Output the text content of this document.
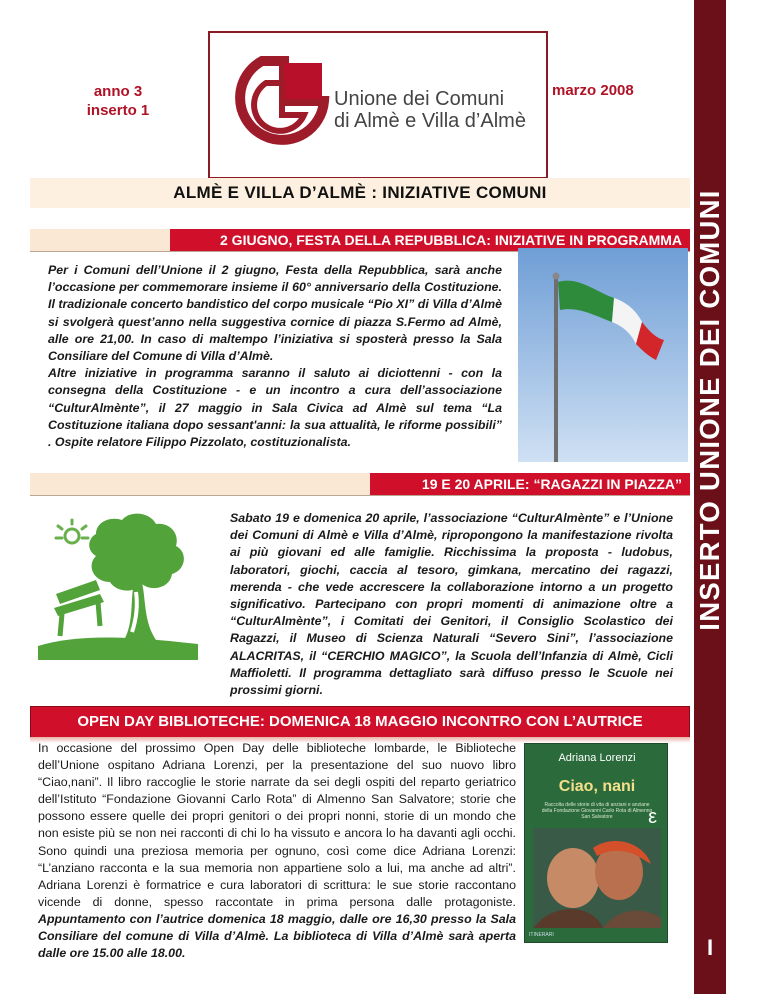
INSERTO UNIONE DEI COMUNI
I
anno 3
inserto 1
marzo 2008
Unione dei Comuni
di Almè e Villa d’Almè
ALMÈ E VILLA D’ALMÈ : INIZIATIVE COMUNI
2 GIUGNO, FESTA DELLA REPUBBLICA: INIZIATIVE IN PROGRAMMA

Per i Comuni dell’Unione il 2 giugno, Festa della Repubblica, sarà anche l’occasione per commemorare insieme il 60° anniversario della Costituzione. Il tradizionale concerto bandistico del corpo musicale “Pio XI” di Villa d’Almè si svolgerà quest’anno nella suggestiva cornice di piazza S.Fermo ad Almè, alle ore 21,00. In caso di maltempo l’iniziativa si sposterà presso la Sala Consiliare del Comune di Villa d’Almè.

Altre iniziative in programma saranno il saluto ai diciottenni - con la consegna della Costituzione - e un incontro a cura dell’associazione “CulturAlmènte”, il 27 maggio in Sala Civica ad Almè sul tema “La Costituzione italiana dopo sessant'anni: la sua attualità, le riforme possibili” . Ospite relatore Filippo Pizzolato, costituzionalista.

19 E 20 APRILE: “RAGAZZI IN PIAZZA”

Sabato 19 e domenica 20 aprile, l’associazione “CulturAlmènte” e l’Unione dei Comuni di Almè e Villa d’Almè, ripropongono la manifestazione rivolta ai più giovani ed alle famiglie. Ricchissima la proposta - ludobus, laboratori, giochi, caccia al tesoro, gimkana, mercatino dei ragazzi, merenda - che vede accrescere la collaborazione intorno a un progetto significativo. Partecipano con propri momenti di animazione oltre a “CulturAlmènte”, i Comitati dei Genitori, il Consiglio Scolastico dei Ragazzi, il Museo di Scienza Naturali “Severo Sini”, l’associazione ALACRITAS, il “CERCHIO MAGICO”, la Scuola dell’Infanzia di Almè, Cicli Maffioletti. Il programma dettagliato sarà diffuso presso le Scuole nei prossimi giorni.

OPEN DAY BIBLIOTECHE: DOMENICA 18 MAGGIO INCONTRO CON L’AUTRICE
In occasione del prossimo Open Day delle biblioteche lombarde, le Biblioteche dell’Unione ospitano Adriana Lorenzi, per la presentazione del suo nuovo libro “Ciao,nani”. Il libro raccoglie le storie narrate da sei degli ospiti del reparto geriatrico dell’Istituto “Fondazione Giovanni Carlo Rota” di Almenno San Salvatore; storie che possono essere quelle dei propri genitori o dei propri nonni, storie di un mondo che non esiste più se non nei racconti di chi lo ha vissuto e ancora lo ha davanti agli occhi. Sono quindi una preziosa memoria per ognuno, così come dice Adriana Lorenzi: “L’anziano racconta e la sua memoria non appartiene solo a lui, ma anche ad altri”. Adriana Lorenzi è formatrice e cura laboratori di scrittura: le sue storie raccontano vicende di donne, spesso raccontate in prima persona dalle protagoniste. Appuntamento con l’autrice domenica 18 maggio, dalle ore 16,30 presso la Sala Consiliare del comune di Villa d’Almè. La biblioteca di Villa d’Almè sarà aperta dalle ore 15.00 alle 18.00.
Adriana Lorenzi
Ciao, nani
Raccolta delle storie di vita di anziani e anziane della Fondazione Giovanni Carlo Rota di Almenno San Salvatore	ε
ITINERARI
